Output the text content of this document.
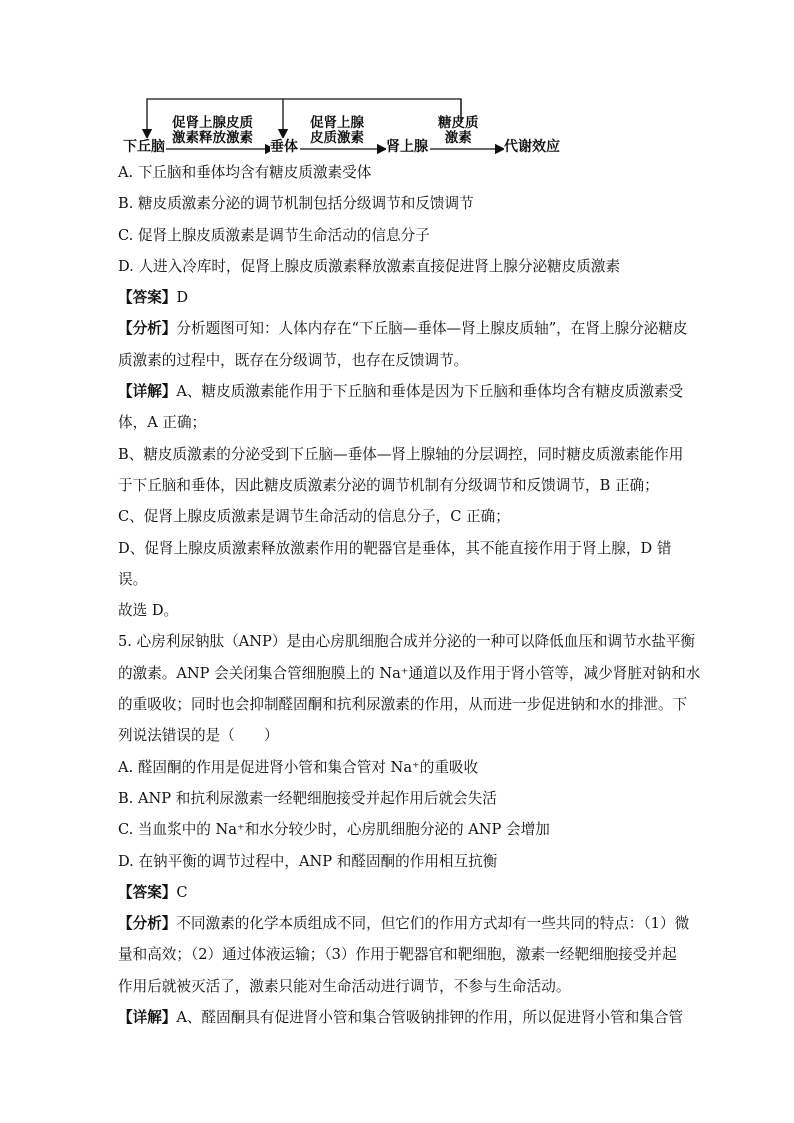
促肾上腺皮质
激素释放激素
促肾上腺
皮质激素
糖皮质
激素
下丘脑	垂体	肾上腺	代谢效应
A. 下丘脑和垂体均含有糖皮质激素受体
B. 糖皮质激素分泌的调节机制包括分级调节和反馈调节
C. 促肾上腺皮质激素是调节生命活动的信息分子
D. 人进入冷库时，促肾上腺皮质激素释放激素直接促进肾上腺分泌糖皮质激素
【答案】D
【分析】分析题图可知：人体内存在“下丘脑—垂体—肾上腺皮质轴”，在肾上腺分泌糖皮
质激素的过程中，既存在分级调节，也存在反馈调节。
【详解】A、糖皮质激素能作用于下丘脑和垂体是因为下丘脑和垂体均含有糖皮质激素受
体，A 正确；
B、糖皮质激素的分泌受到下丘脑—垂体—肾上腺轴的分层调控，同时糖皮质激素能作用
于下丘脑和垂体，因此糖皮质激素分泌的调节机制有分级调节和反馈调节，B 正确；
C、促肾上腺皮质激素是调节生命活动的信息分子，C 正确；
D、促肾上腺皮质激素释放激素作用的靶器官是垂体，其不能直接作用于肾上腺，D 错
误。
故选 D。
5. 心房利尿钠肽（ANP）是由心房肌细胞合成并分泌的一种可以降低血压和调节水盐平衡
的激素。ANP 会关闭集合管细胞膜上的 Na⁺通道以及作用于肾小管等，减少肾脏对钠和水
的重吸收；同时也会抑制醛固酮和抗利尿激素的作用，从而进一步促进钠和水的排泄。下
列说法错误的是（　　）
A. 醛固酮的作用是促进肾小管和集合管对 Na⁺的重吸收
B. ANP 和抗利尿激素一经靶细胞接受并起作用后就会失活
C. 当血浆中的 Na⁺和水分较少时，心房肌细胞分泌的 ANP 会增加
D. 在钠平衡的调节过程中，ANP 和醛固酮的作用相互抗衡
【答案】C
【分析】不同激素的化学本质组成不同，但它们的作用方式却有一些共同的特点：（1）微
量和高效；（2）通过体液运输；（3）作用于靶器官和靶细胞，激素一经靶细胞接受并起
作用后就被灭活了，激素只能对生命活动进行调节，不参与生命活动。
【详解】A、醛固酮具有促进肾小管和集合管吸钠排钾的作用，所以促进肾小管和集合管
